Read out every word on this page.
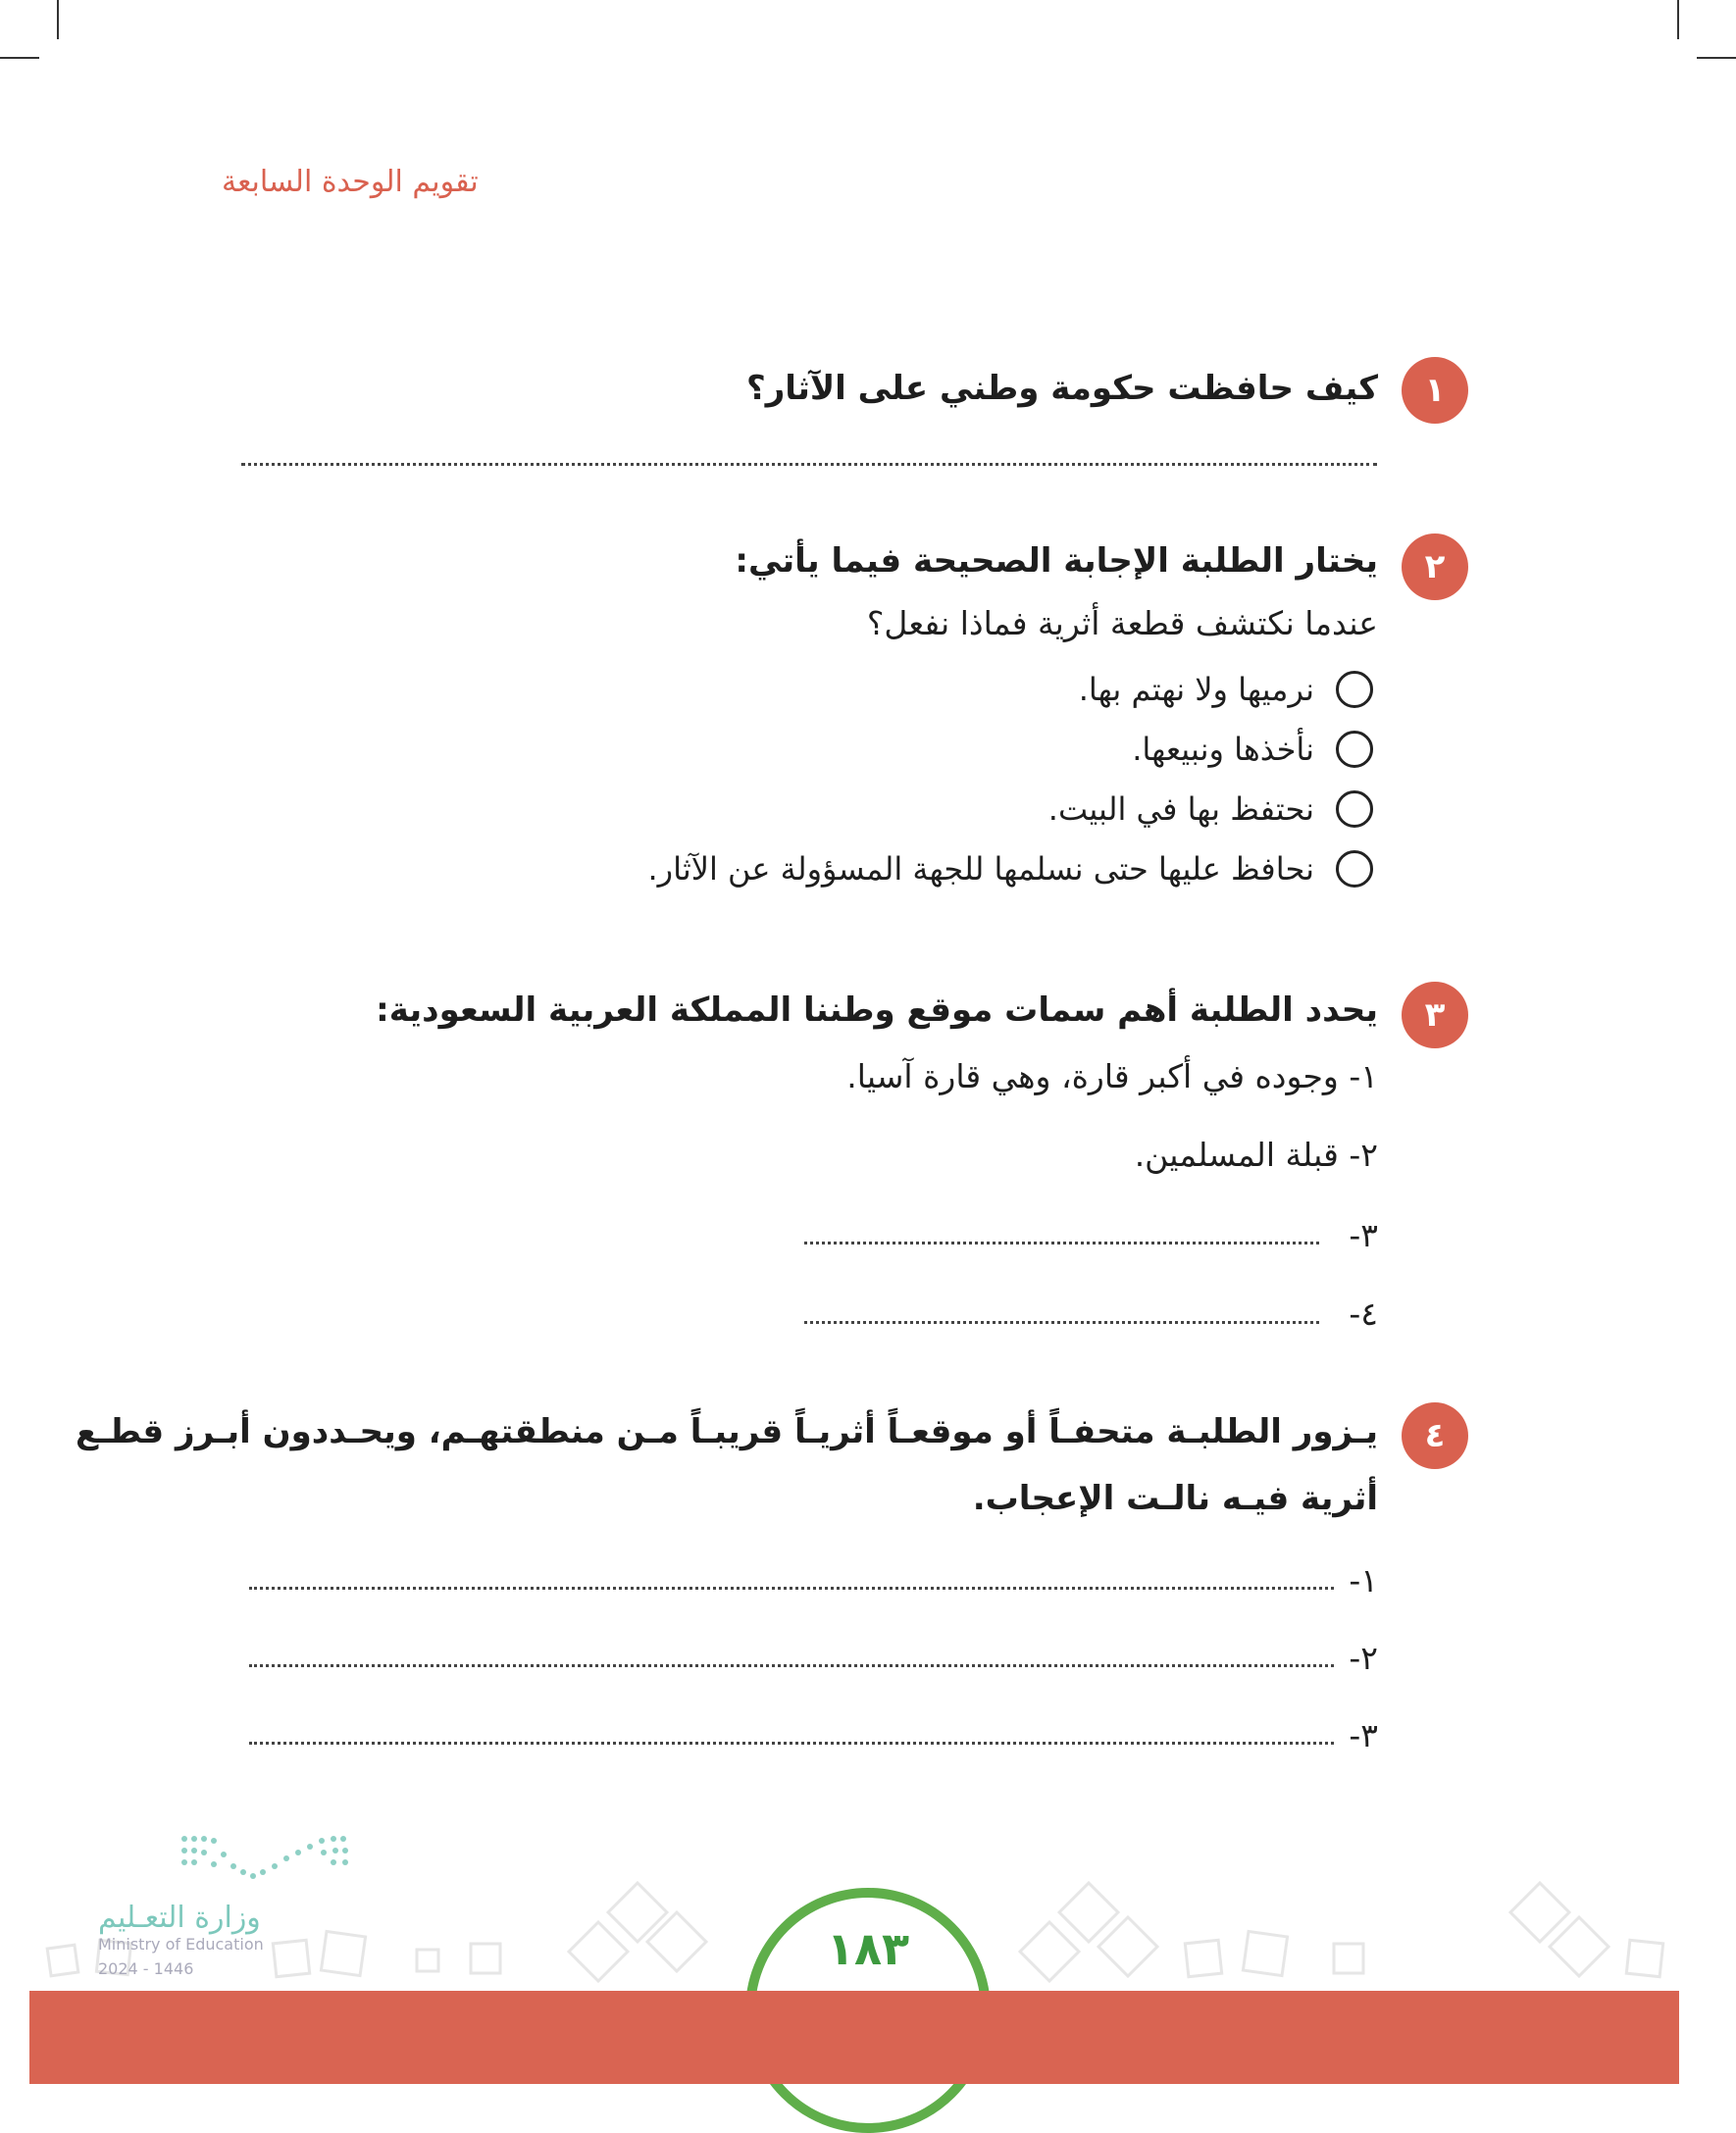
تقويم الوحدة السابعة
١
كيف حافظت حكومة وطني على الآثار؟
٢
يختار الطلبة الإجابة الصحيحة فيما يأتي:
عندما نكتشف قطعة أثرية فماذا نفعل؟
نرميها ولا نهتم بها.
نأخذها ونبيعها.
نحتفظ بها في البيت.
نحافظ عليها حتى نسلمها للجهة المسؤولة عن الآثار.
٣
يحدد الطلبة أهم سمات موقع وطننا المملكة العربية السعودية:
١- وجوده في أكبر قارة، وهي قارة آسيا.
٢- قبلة المسلمين.
٣-
٤-
٤
يـزور الطلبـة متحفـاً أو موقعـاً أثريـاً قريبـاً مـن منطقتهـم، ويحـددون أبـرز قطـع
أثرية فيـه نالـت الإعجاب.
١-
٢-
٣-
وزارة التعـليم
Ministry of Education
2024 - 1446	١٨٣
